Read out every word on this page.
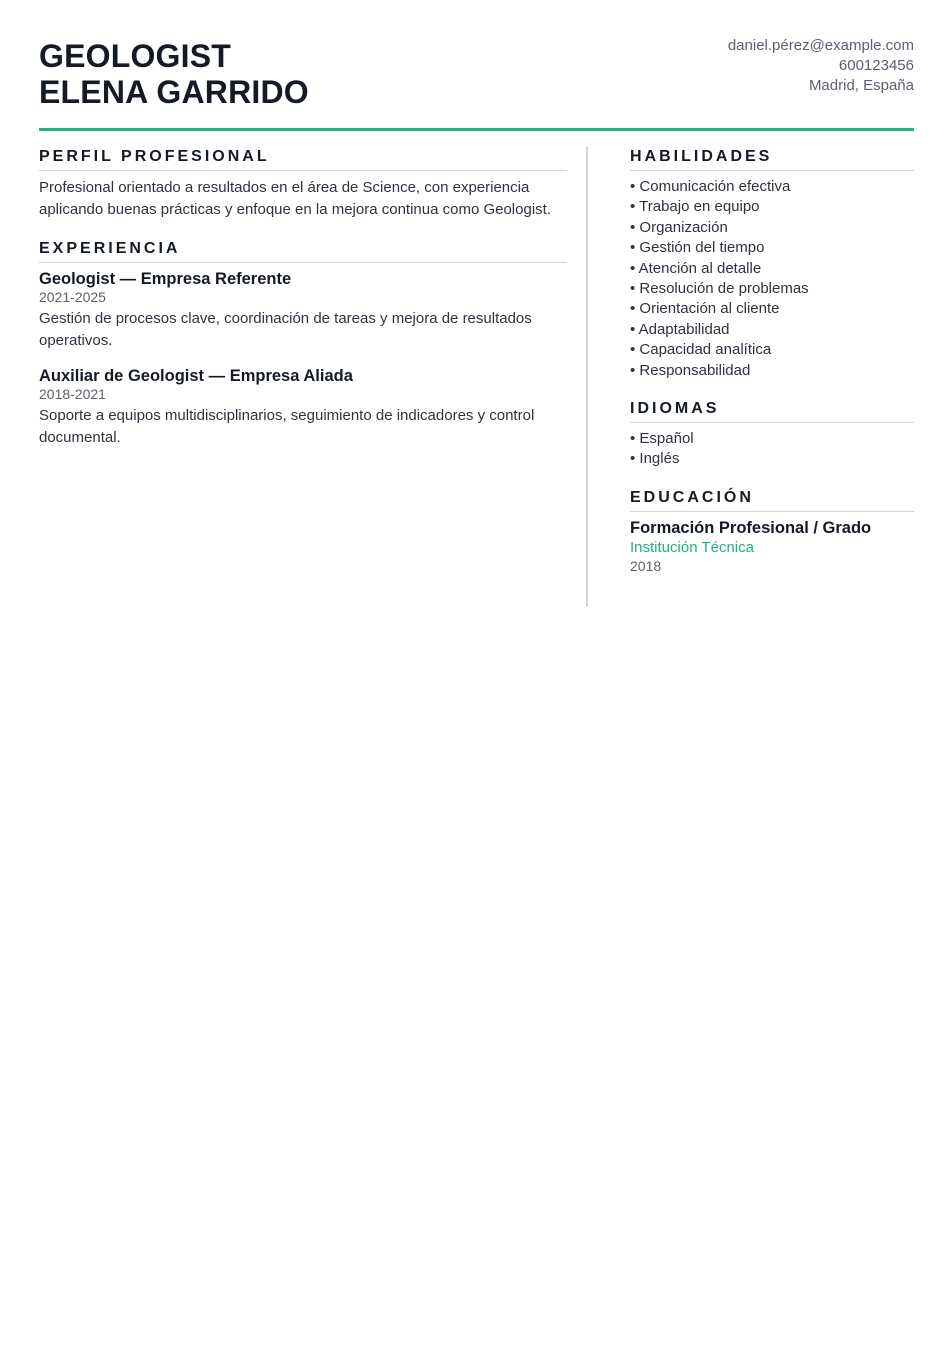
GEOLOGIST
ELENA GARRIDO
daniel.pérez@example.com
600123456
Madrid, España
PERFIL PROFESIONAL
Profesional orientado a resultados en el área de Science, con experiencia aplicando buenas prácticas y enfoque en la mejora continua como Geologist.
EXPERIENCIA
Geologist — Empresa Referente
2021-2025
Gestión de procesos clave, coordinación de tareas y mejora de resultados operativos.
Auxiliar de Geologist — Empresa Aliada
2018-2021
Soporte a equipos multidisciplinarios, seguimiento de indicadores y control documental.
HABILIDADES
• Comunicación efectiva
• Trabajo en equipo
• Organización
• Gestión del tiempo
• Atención al detalle
• Resolución de problemas
• Orientación al cliente
• Adaptabilidad
• Capacidad analítica
• Responsabilidad
IDIOMAS
• Español
• Inglés
EDUCACIÓN
Formación Profesional / Grado
Institución Técnica
2018
